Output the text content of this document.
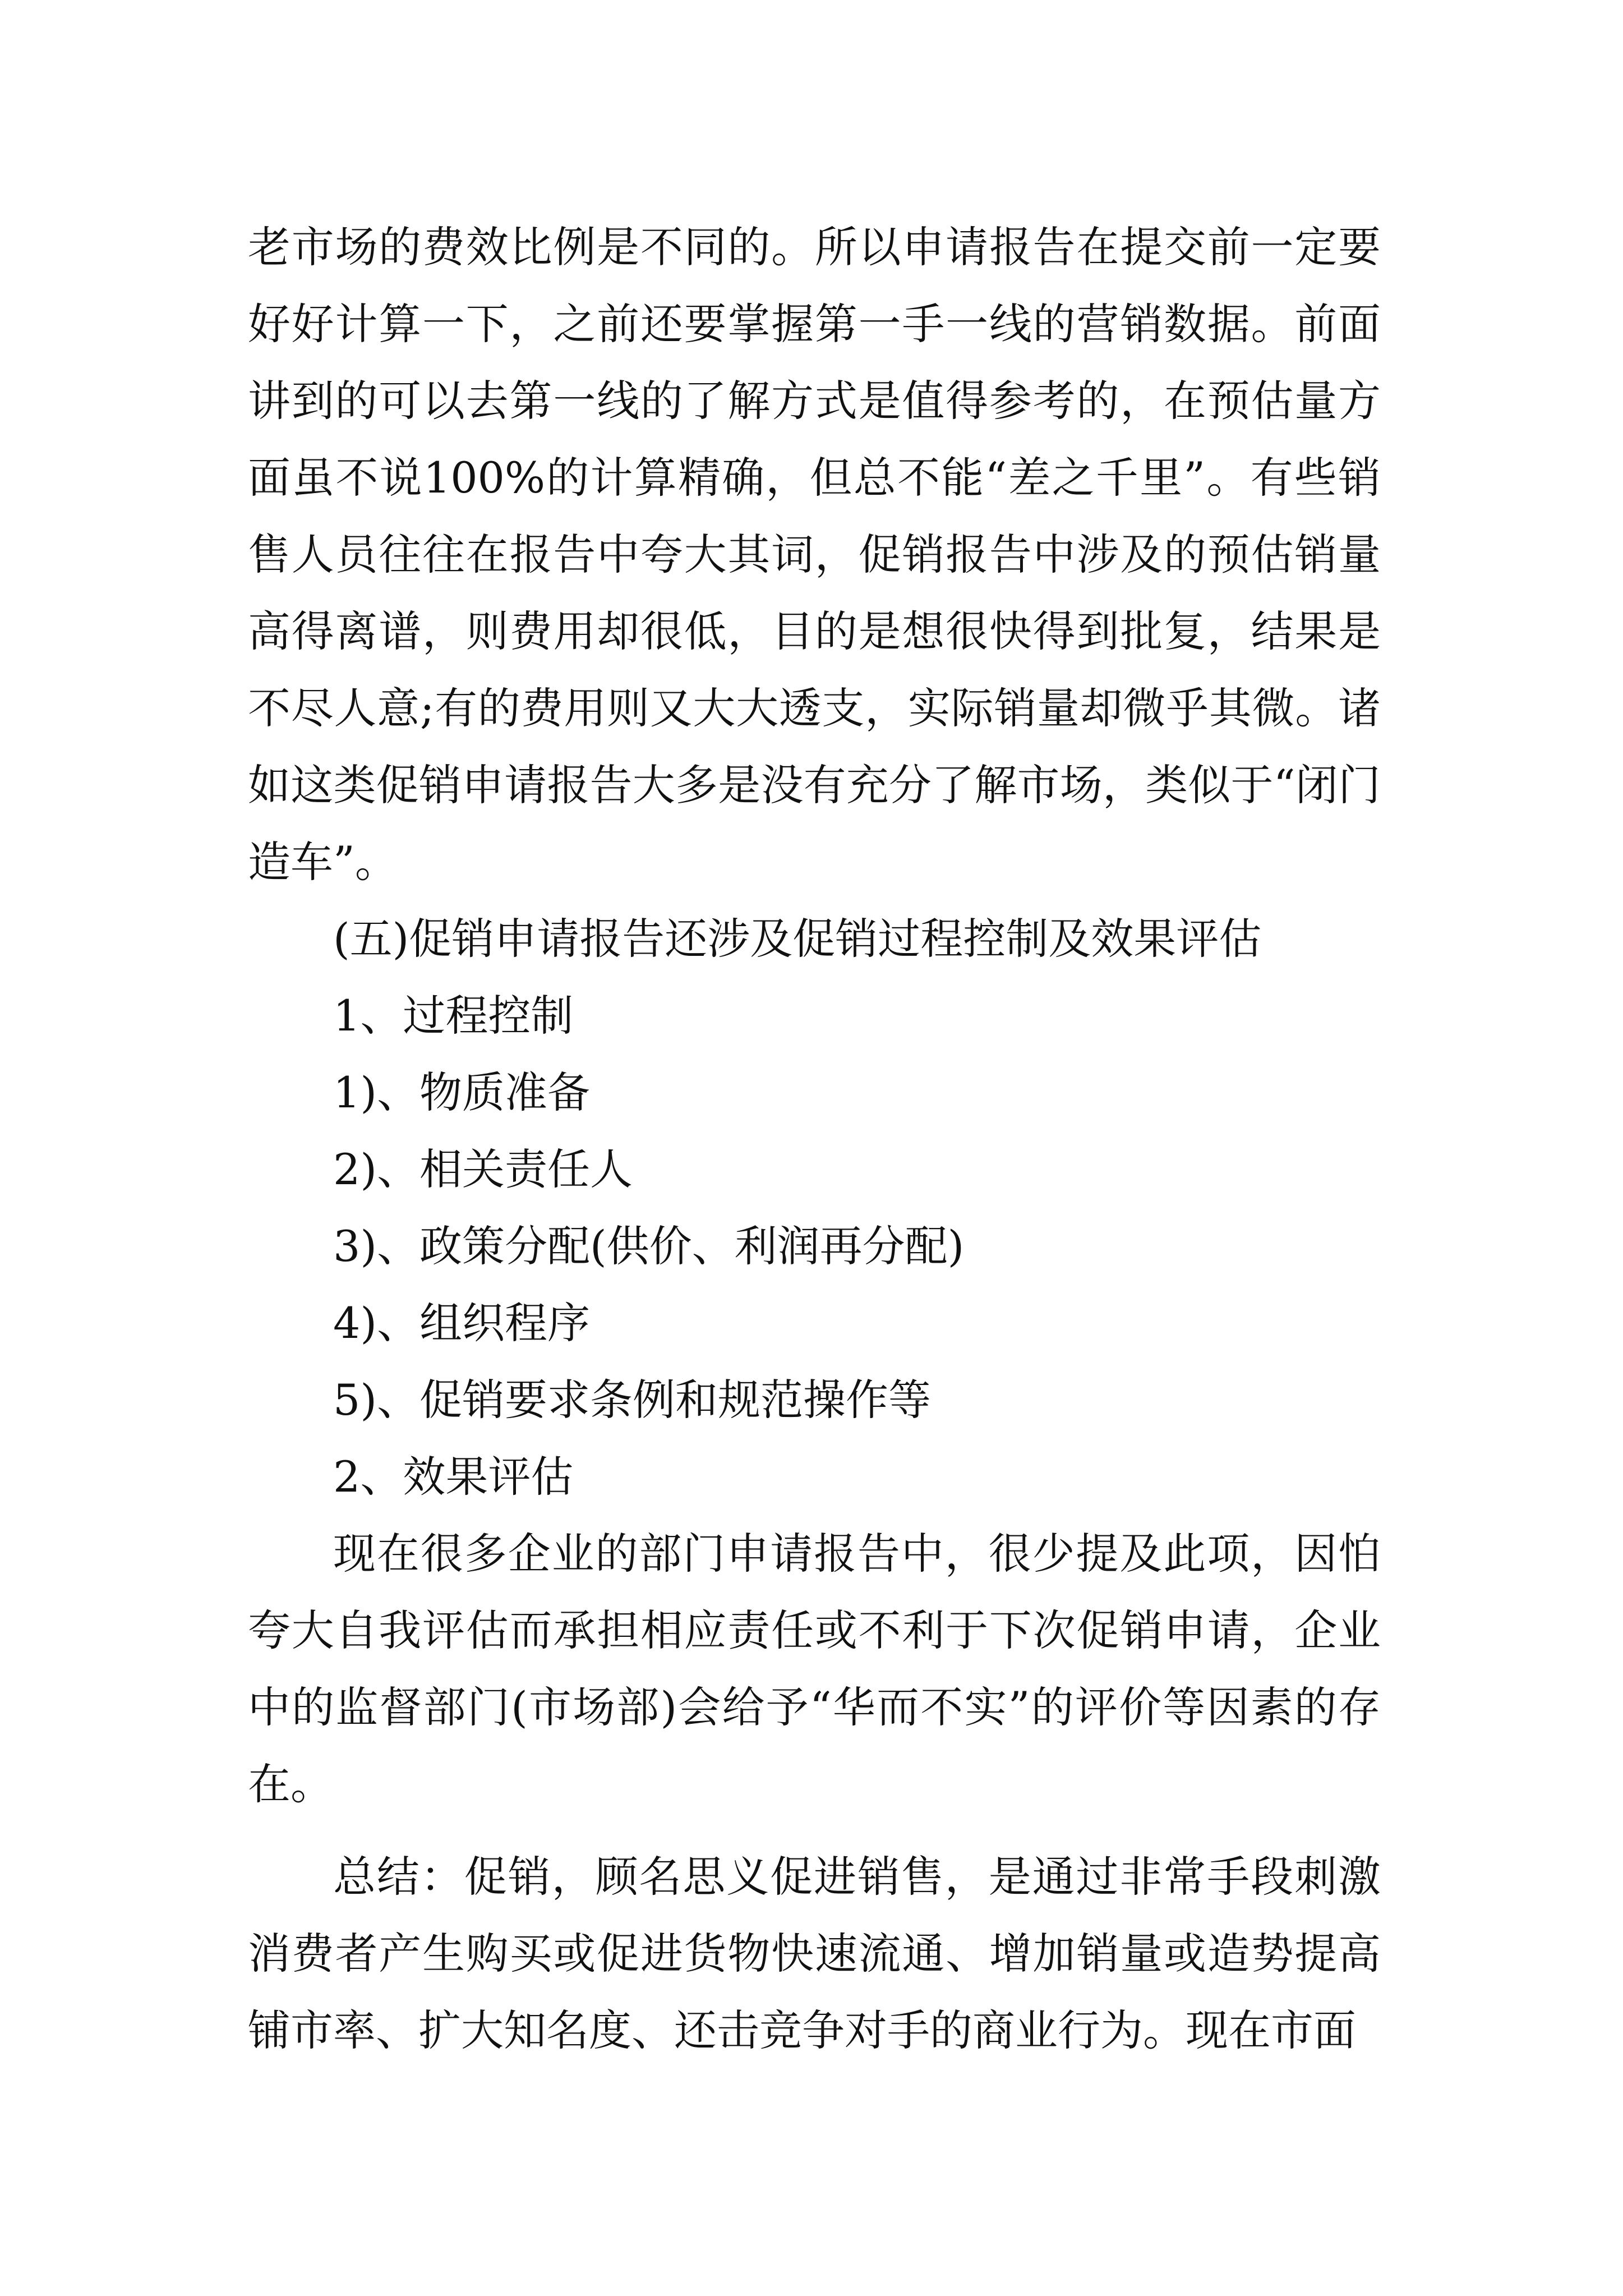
老市场的费效比例是不同的。所以申请报告在提交前一定要好好计算一下，之前还要掌握第一手一线的营销数据。前面讲到的可以去第一线的了解方式是值得参考的，在预估量方面虽不说100%的计算精确，但总不能“差之千里”。有些销售人员往往在报告中夸大其词，促销报告中涉及的预估销量高得离谱，则费用却很低，目的是想很快得到批复，结果是不尽人意;有的费用则又大大透支，实际销量却微乎其微。诸如这类促销申请报告大多是没有充分了解市场，类似于“闭门造车”。

(五)促销申请报告还涉及促销过程控制及效果评估

1、过程控制

1)、物质准备

2)、相关责任人

3)、政策分配(供价、利润再分配)

4)、组织程序

5)、促销要求条例和规范操作等

2、效果评估

现在很多企业的部门申请报告中，很少提及此项，因怕夸大自我评估而承担相应责任或不利于下次促销申请，企业中的监督部门(市场部)会给予“华而不实”的评价等因素的存在。

总结：促销，顾名思义促进销售，是通过非常手段刺激消费者产生购买或促进货物快速流通、增加销量或造势提高铺市率、扩大知名度、还击竞争对手的商业行为。现在市面
